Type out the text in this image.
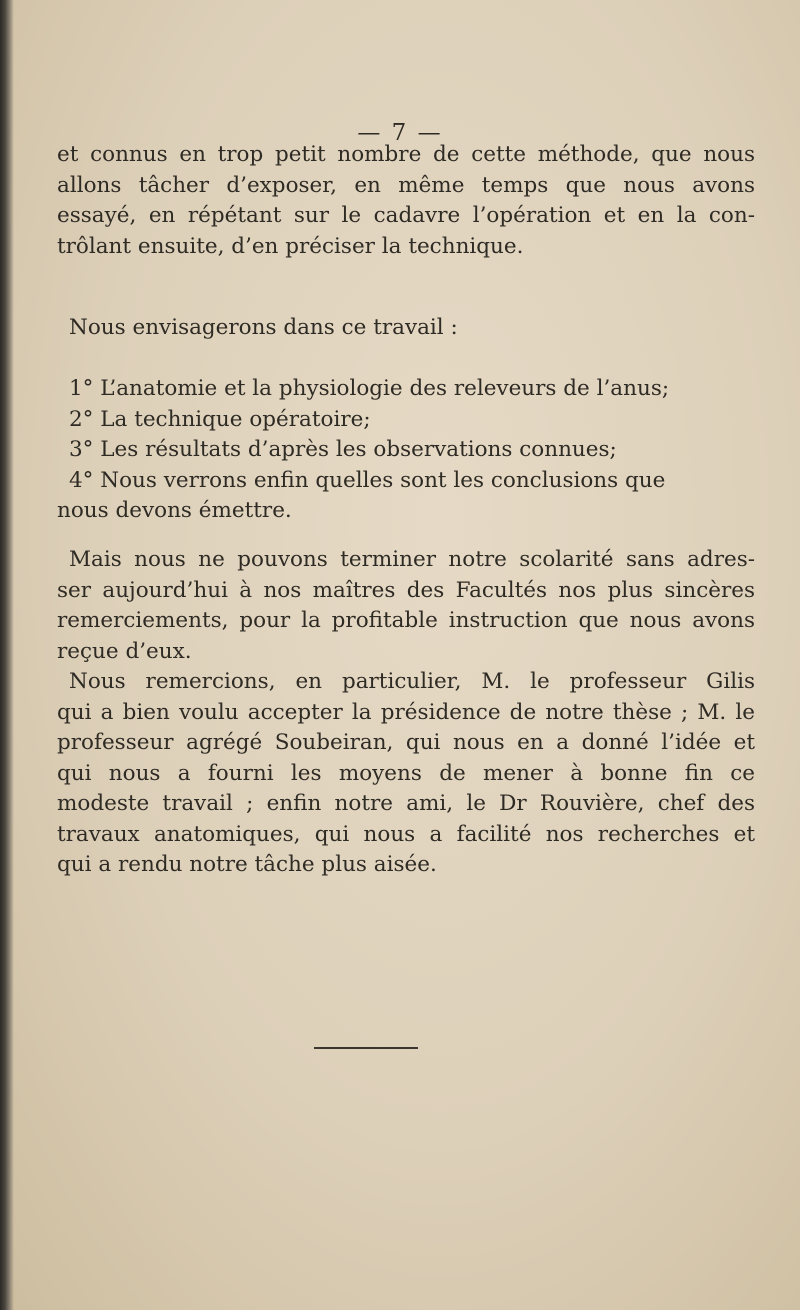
— 7 —
et connus en trop petit nombre de cette méthode, que nous
allons tâcher d’exposer, en même temps que nous avons
essayé, en répétant sur le cadavre l’opération et en la con-
trôlant ensuite, d’en préciser la technique.
Nous envisagerons dans ce travail :
1° L’anatomie et la physiologie des releveurs de l’anus;
2° La technique opératoire;
3° Les résultats d’après les observations connues;
4° Nous verrons enfin quelles sont les conclusions que
nous devons émettre.
Mais nous ne pouvons terminer notre scolarité sans adres-
ser aujourd’hui à nos maîtres des Facultés nos plus sincères
remerciements, pour la profitable instruction que nous avons
reçue d’eux.
Nous remercions, en particulier, M. le professeur Gilis
qui a bien voulu accepter la présidence de notre thèse ; M. le
professeur agrégé Soubeiran, qui nous en a donné l’idée et
qui nous a fourni les moyens de mener à bonne fin ce
modeste travail ; enfin notre ami, le Dr Rouvière, chef des
travaux anatomiques, qui nous a facilité nos recherches et
qui a rendu notre tâche plus aisée.
